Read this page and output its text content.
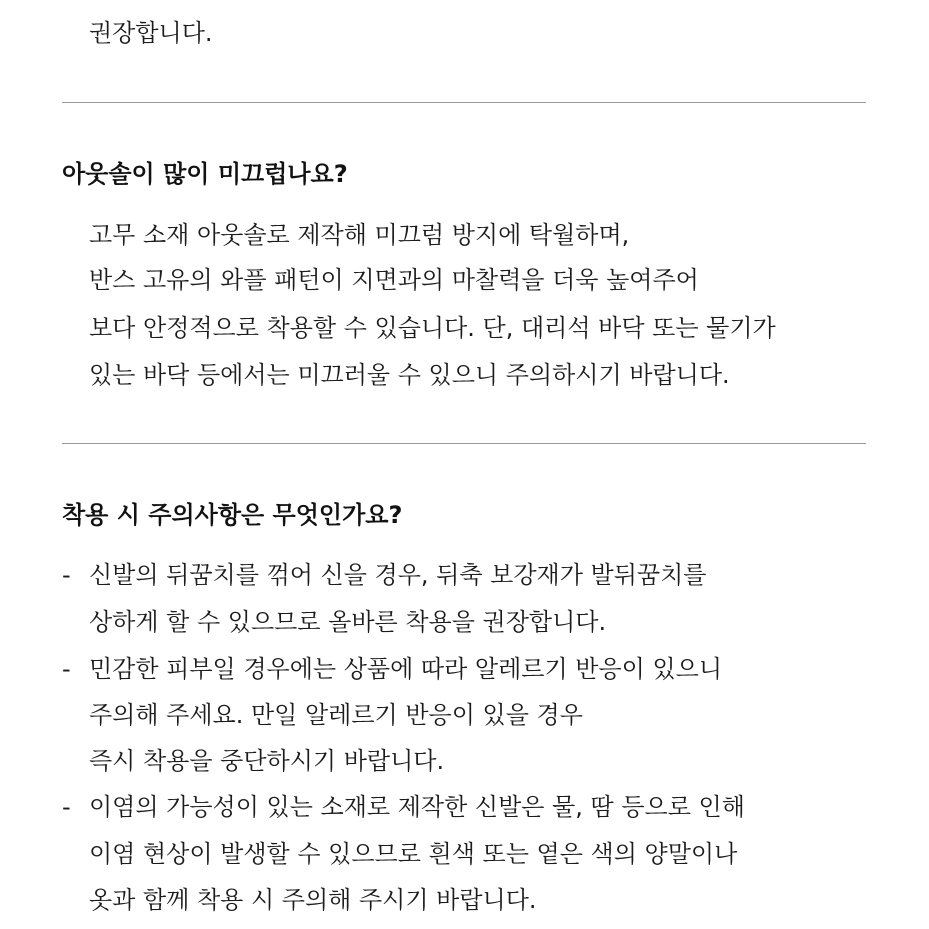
권장합니다.
아웃솔이 많이 미끄럽나요?
고무 소재 아웃솔로 제작해 미끄럼 방지에 탁월하며,
반스 고유의 와플 패턴이 지면과의 마찰력을 더욱 높여주어
보다 안정적으로 착용할 수 있습니다. 단, 대리석 바닥 또는 물기가
있는 바닥 등에서는 미끄러울 수 있으니 주의하시기 바랍니다.
착용 시 주의사항은 무엇인가요?
- 신발의 뒤꿈치를 꺾어 신을 경우, 뒤축 보강재가 발뒤꿈치를
상하게 할 수 있으므로 올바른 착용을 권장합니다.
- 민감한 피부일 경우에는 상품에 따라 알레르기 반응이 있으니
주의해 주세요. 만일 알레르기 반응이 있을 경우
즉시 착용을 중단하시기 바랍니다.
- 이염의 가능성이 있는 소재로 제작한 신발은 물, 땀 등으로 인해
이염 현상이 발생할 수 있으므로 흰색 또는 옅은 색의 양말이나
옷과 함께 착용 시 주의해 주시기 바랍니다.
